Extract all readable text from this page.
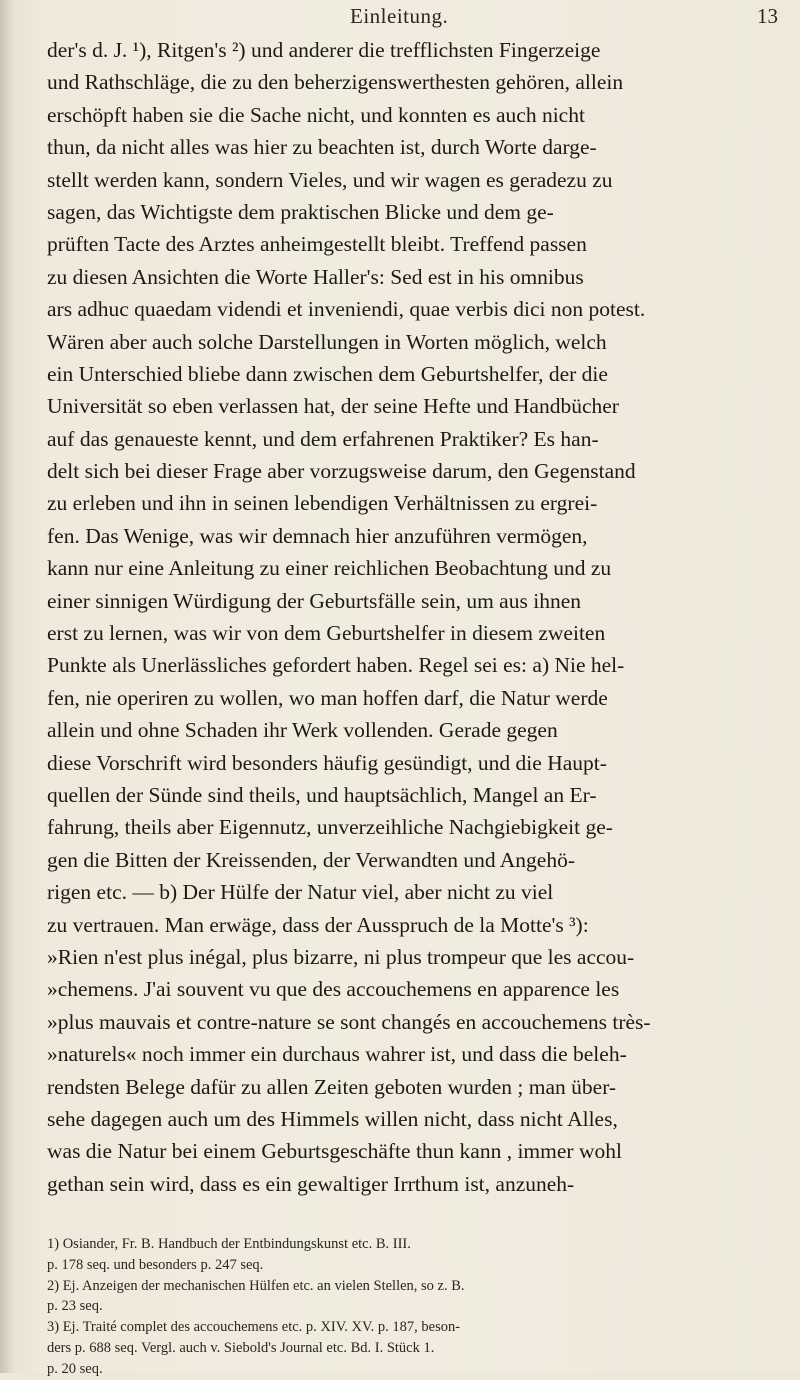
Einleitung.	13
der's d. J. ¹), Ritgen's ²) und anderer die trefflichsten Fingerzeige
und Rathschläge, die zu den beherzigenswerthesten gehören, allein
erschöpft haben sie die Sache nicht, und konnten es auch nicht
thun, da nicht alles was hier zu beachten ist, durch Worte darge-
stellt werden kann, sondern Vieles, und wir wagen es geradezu zu
sagen, das Wichtigste dem praktischen Blicke und dem ge-
prüften Tacte des Arztes anheimgestellt bleibt. Treffend passen
zu diesen Ansichten die Worte Haller's: Sed est in his omnibus
ars adhuc quaedam videndi et inveniendi, quae verbis dici non potest.
Wären aber auch solche Darstellungen in Worten möglich, welch
ein Unterschied bliebe dann zwischen dem Geburtshelfer, der die
Universität so eben verlassen hat, der seine Hefte und Handbücher
auf das genaueste kennt, und dem erfahrenen Praktiker? Es han-
delt sich bei dieser Frage aber vorzugsweise darum, den Gegenstand
zu erleben und ihn in seinen lebendigen Verhältnissen zu ergrei-
fen. Das Wenige, was wir demnach hier anzuführen vermögen,
kann nur eine Anleitung zu einer reichlichen Beobachtung und zu
einer sinnigen Würdigung der Geburtsfälle sein, um aus ihnen
erst zu lernen, was wir von dem Geburtshelfer in diesem zweiten
Punkte als Unerlässliches gefordert haben. Regel sei es: a) Nie hel-
fen, nie operiren zu wollen, wo man hoffen darf, die Natur werde
allein und ohne Schaden ihr Werk vollenden. Gerade gegen
diese Vorschrift wird besonders häufig gesündigt, und die Haupt-
quellen der Sünde sind theils, und hauptsächlich, Mangel an Er-
fahrung, theils aber Eigennutz, unverzeihliche Nachgiebigkeit ge-
gen die Bitten der Kreissenden, der Verwandten und Angehö-
rigen etc. — b) Der Hülfe der Natur viel, aber nicht zu viel
zu vertrauen. Man erwäge, dass der Ausspruch de la Motte's ³):
»Rien n'est plus inégal, plus bizarre, ni plus trompeur que les accou-
»chemens. J'ai souvent vu que des accouchemens en apparence les
»plus mauvais et contre-nature se sont changés en accouchemens très-
»naturels« noch immer ein durchaus wahrer ist, und dass die beleh-
rendsten Belege dafür zu allen Zeiten geboten wurden ; man über-
sehe dagegen auch um des Himmels willen nicht, dass nicht Alles,
was die Natur bei einem Geburtsgeschäfte thun kann , immer wohl
gethan sein wird, dass es ein gewaltiger Irrthum ist, anzuneh-
1) Osiander, Fr. B. Handbuch der Entbindungskunst etc. B. III.
p. 178 seq. und besonders p. 247 seq.
2) Ej. Anzeigen der mechanischen Hülfen etc. an vielen Stellen, so z. B.
p. 23 seq.
3) Ej. Traité complet des accouchemens etc. p. XIV. XV. p. 187, beson-
ders p. 688 seq. Vergl. auch v. Siebold's Journal etc. Bd. I. Stück 1.
p. 20 seq.
